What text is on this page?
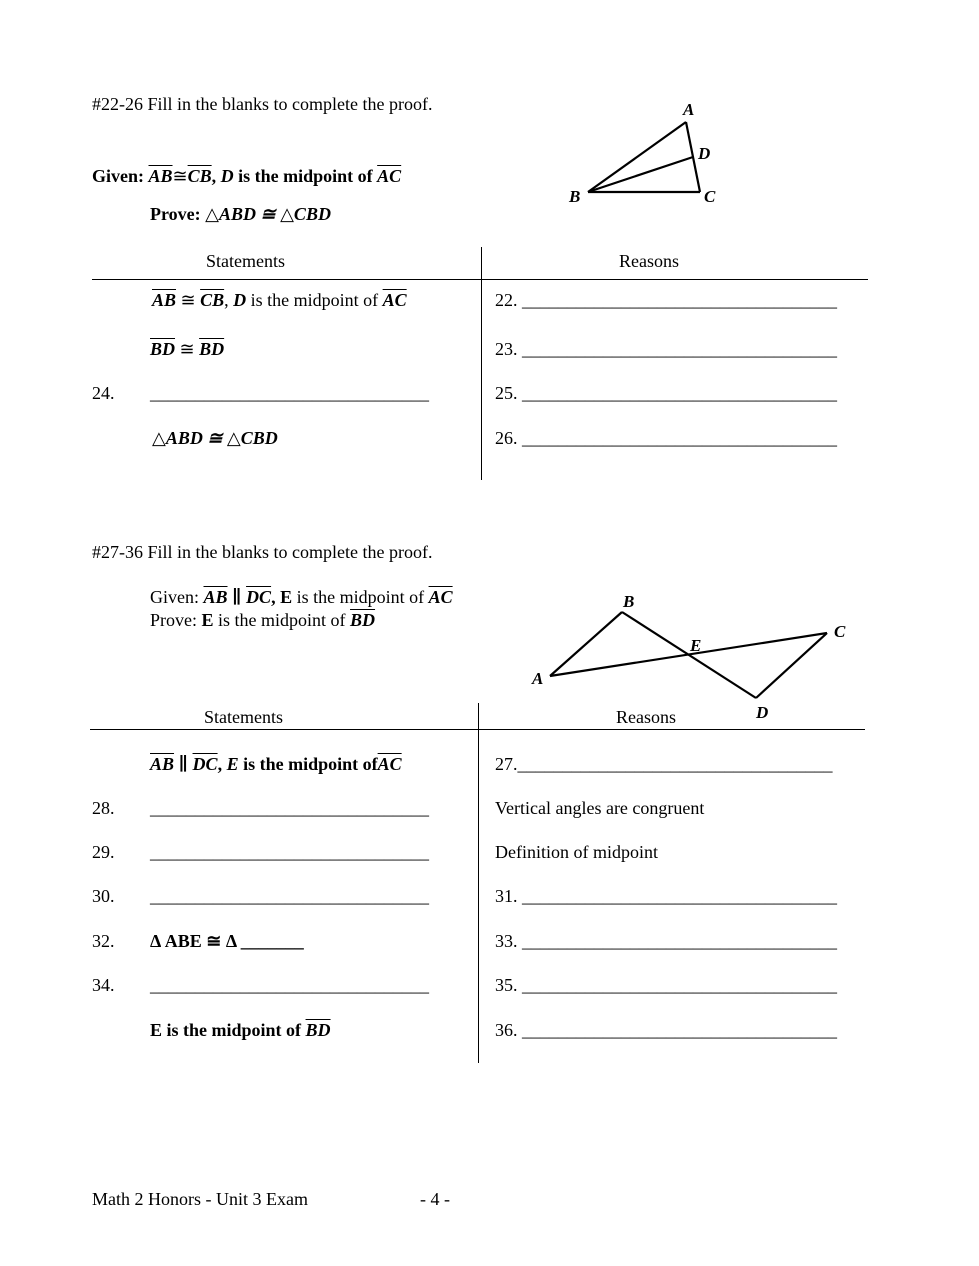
#22-26 Fill in the blanks to complete the proof.
Given: $\overline{AB}≅\overline{CB}$, D is the midpoint of $\overline{AC}$
Prove: △ABD ≅ △CBD
A
D
B	C
Statements	Reasons
$\overline{AB}$ ≅ $\overline{CB}$, D is the midpoint of $\overline{AC}$	22. ___________________________________
$\overline{BD}$ ≅ $\overline{BD}$	23. ___________________________________
24. _______________________________	25. ___________________________________
△ABD ≅ △CBD	26. ___________________________________
#27-36 Fill in the blanks to complete the proof.
Given: $\overline{AB}$ ∥ $\overline{DC}$, E is the midpoint of $\overline{AC}$
Prove: E is the midpoint of $\overline{BD}$
B
E
C
A
D
Statements	Reasons
$\overline{AB}$ ∥ $\overline{DC}$, E is the midpoint $of\overline{AC}$	27.___________________________________
28. _______________________________	Vertical angles are congruent
29. _______________________________	Definition of midpoint
30. _______________________________	31. ___________________________________
32. Δ ABE ≅ Δ _______	33. ___________________________________
34. _______________________________	35. ___________________________________
E is the midpoint of $\overline{BD}$	36. ___________________________________
Math 2 Honors - Unit 3 Exam	- 4 -
